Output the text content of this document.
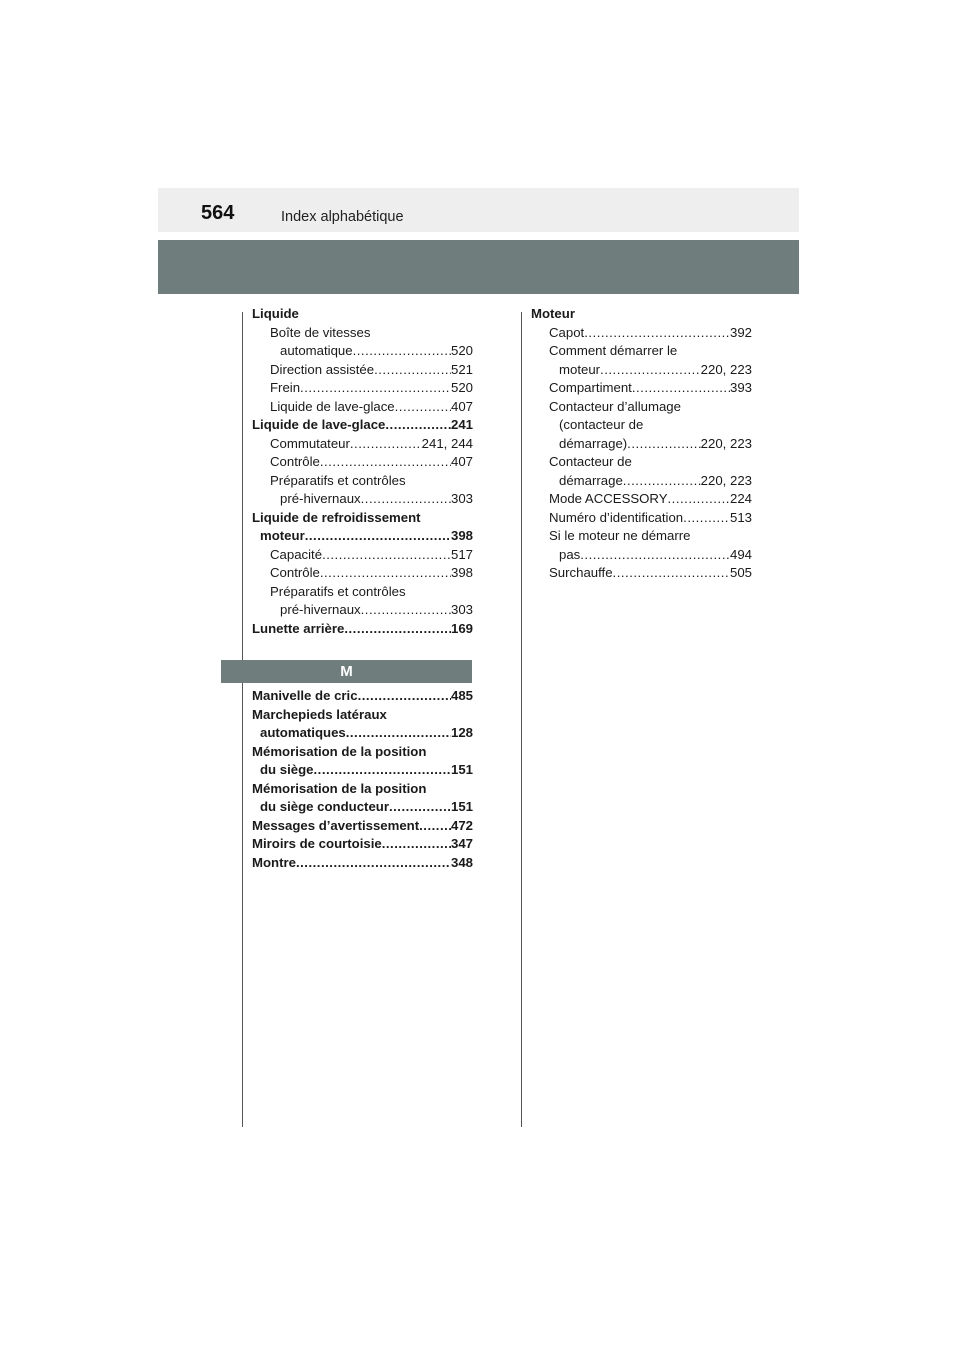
564	Index alphabétique
Liquide
Boîte de vitesses
automatique .....	520
Direction assistée .....	521
Frein .....	520
Liquide de lave-glace .....	407
Liquide de lave-glace .....	241
Commutateur .....	241, 244
Contrôle .....	407
Préparatifs et contrôles
pré-hivernaux .....	303
Liquide de refroidissement
moteur .....	398
Capacité .....	517
Contrôle .....	398
Préparatifs et contrôles
pré-hivernaux .....	303
Lunette arrière .....	169
M
Manivelle de cric .....	485
Marchepieds latéraux
automatiques .....	128
Mémorisation de la position
du siège .....	151
Mémorisation de la position
du siège conducteur .....	151
Messages d’avertissement ..... 472
Miroirs de courtoisie .....	347
Montre .....	348
Moteur
Capot .....	392
Comment démarrer le
moteur .....	220, 223
Compartiment .....	393
Contacteur d’allumage
(contacteur de
démarrage) .....	220, 223
Contacteur de
démarrage .....	220, 223
Mode ACCESSORY .....	224
Numéro d’identification .....	513
Si le moteur ne démarre
pas .....	494
Surchauffe .....	505
